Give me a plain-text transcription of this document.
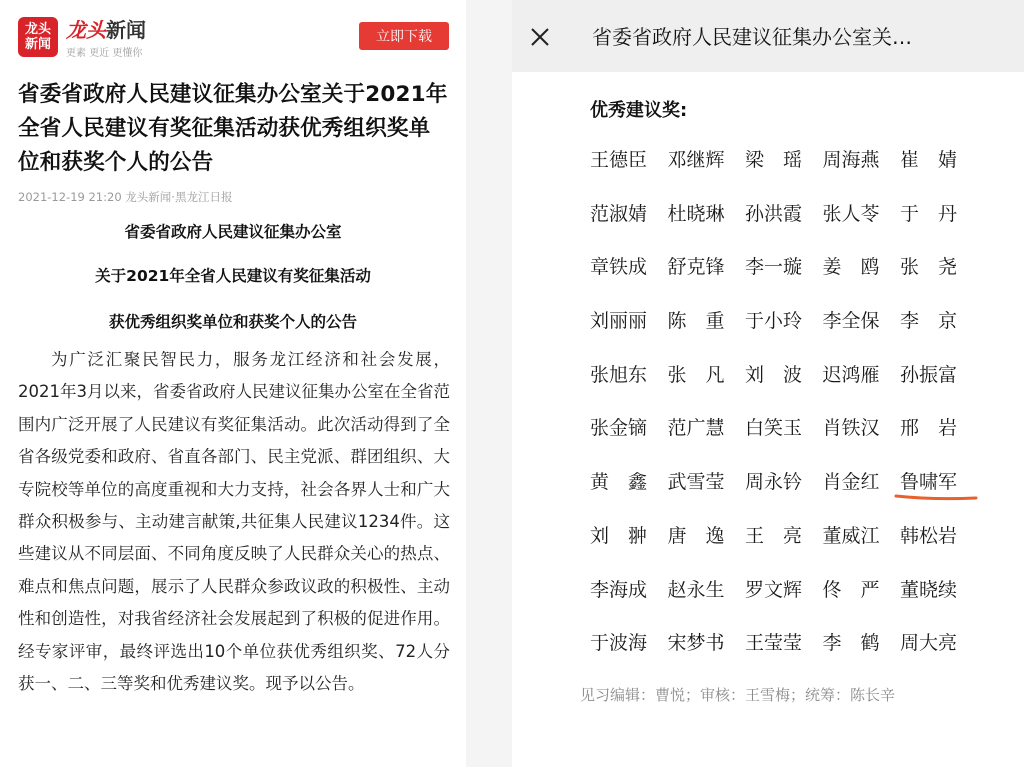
龙头
新闻
龙头新闻
更素 更近 更懂你
立即下载
省委省政府人民建议征集办公室关于2021年全省人民建议有奖征集活动获优秀组织奖单位和获奖个人的公告
2021-12-19 21:20 龙头新闻·黑龙江日报
省委省政府人民建议征集办公室
关于2021年全省人民建议有奖征集活动
获优秀组织奖单位和获奖个人的公告
为广泛汇聚民智民力，服务龙江经济和社会发展，2021年3月以来，省委省政府人民建议征集办公室在全省范围内广泛开展了人民建议有奖征集活动。此次活动得到了全省各级党委和政府、省直各部门、民主党派、群团组织、大专院校等单位的高度重视和大力支持，社会各界人士和广大群众积极参与、主动建言献策,共征集人民建议1234件。这些建议从不同层面、不同角度反映了人民群众关心的热点、难点和焦点问题，展示了人民群众参政议政的积极性、主动性和创造性，对我省经济社会发展起到了积极的促进作用。经专家评审，最终评选出10个单位获优秀组织奖、72人分获一、二、三等奖和优秀建议奖。现予以公告。
省委省政府人民建议征集办公室关…
优秀建议奖:
王德臣 邓继辉 梁　瑶 周海燕 崔　婧
范淑婧 杜晓琳 孙洪霞 张人苓 于　丹
章铁成 舒克锋 李一璇 姜　鸥 张　尧
刘丽丽 陈　重 于小玲 李全保 李　京
张旭东 张　凡 刘　波 迟鸿雁 孙振富
张金镝 范广慧 白笑玉 肖铁汉 邢　岩
黄　鑫 武雪莹 周永钤 肖金红 鲁啸军
刘　翀 唐　逸 王　亮 董威江 韩松岩
李海成 赵永生 罗文辉 佟　严 董晓续
于波海 宋梦书 王莹莹 李　鹤 周大亮
见习编辑：曹悦；审核：王雪梅；统筹：陈长辛
